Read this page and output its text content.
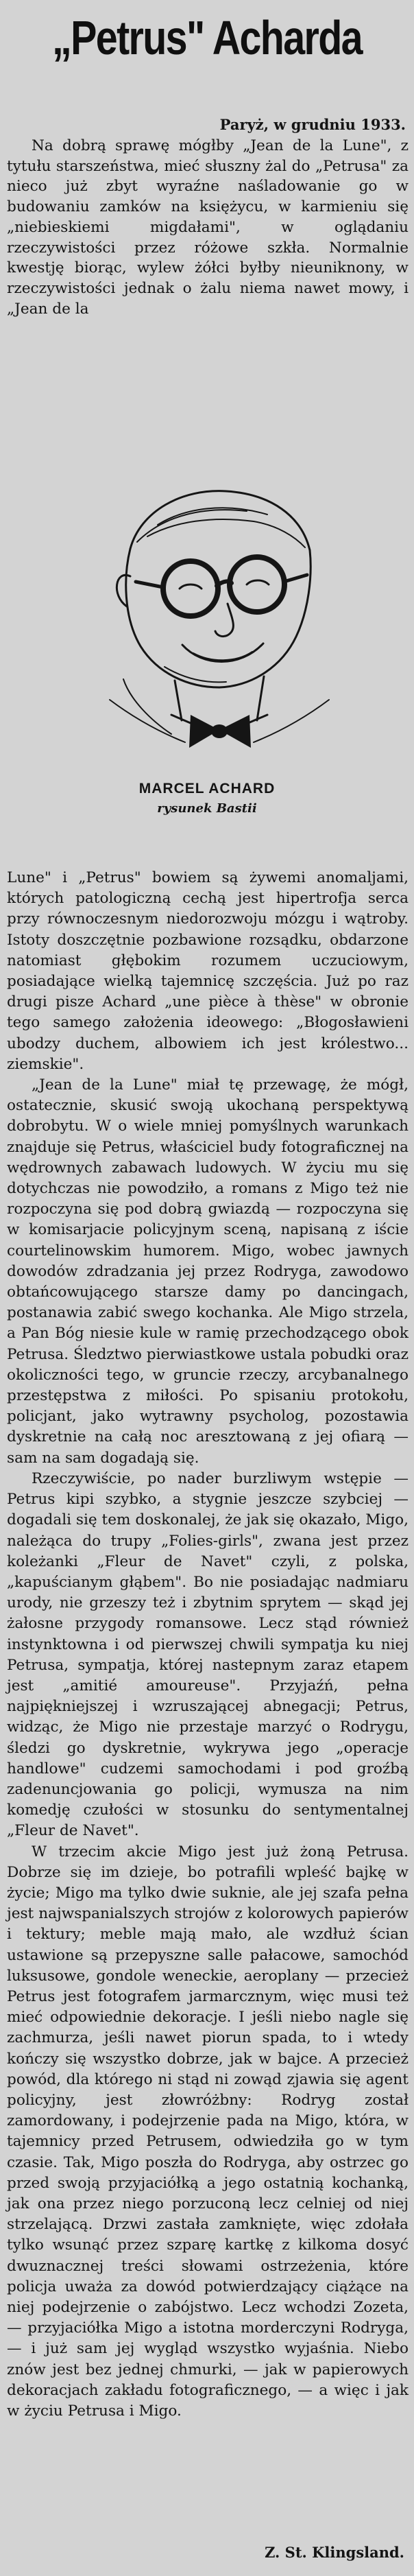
„Petrus" Acharda
Paryż, w grudniu 1933.

Na dobrą sprawę mógłby „Jean de la Lune", z tytułu starszeństwa, mieć słuszny żal do „Petrusa" za nieco już zbyt wyraźne naśladowanie go w budowaniu zamków na księżycu, w karmieniu się „niebieskiemi migdałami", w oglądaniu rzeczywistości przez różowe szkła. Normalnie kwestję biorąc, wylew żółci byłby nieuniknony, w rzeczywistości jednak o żalu niema nawet mowy, i „Jean de la

MARCEL ACHARD
rysunek Bastii

Lune" i „Petrus" bowiem są żywemi anomaljami, których patologiczną cechą jest hipertrofja serca przy równoczesnym niedorozwoju mózgu i wątroby. Istoty doszczętnie pozbawione rozsądku, obdarzone natomiast głębokim rozumem uczuciowym, posiadające wielką tajemnicę szczęścia. Już po raz drugi pisze Achard „une pièce à thèse" w obronie tego samego założenia ideowego: „Błogosławieni ubodzy duchem, albowiem ich jest królestwo... ziemskie".

„Jean de la Lune" miał tę przewagę, że mógł, ostatecznie, skusić swoją ukochaną perspektywą dobrobytu. W o wiele mniej pomyślnych warunkach znajduje się Petrus, właściciel budy fotograficznej na wędrownych zabawach ludowych. W życiu mu się dotychczas nie powodziło, a romans z Migo też nie rozpoczyna się pod dobrą gwiazdą — rozpoczyna się w komisarjacie policyjnym sceną, napisaną z iście courtelinowskim humorem. Migo, wobec jawnych dowodów zdradzania jej przez Rodryga, zawodowo obtańcowującego starsze damy po dancingach, postanawia zabić swego kochanka. Ale Migo strzela, a Pan Bóg niesie kule w ramię przechodzącego obok Petrusa. Śledztwo pierwiastkowe ustala pobudki oraz okoliczności tego, w gruncie rzeczy, arcybanalnego przestępstwa z miłości. Po spisaniu protokołu, policjant, jako wytrawny psycholog, pozostawia dyskretnie na całą noc aresztowaną z jej ofiarą — sam na sam dogadają się.

Rzeczywiście, po nader burzliwym wstępie — Petrus kipi szybko, a stygnie jeszcze szybciej — dogadali się tem doskonalej, że jak się okazało, Migo, należąca do trupy „Folies-girls", zwana jest przez koleżanki „Fleur de Navet" czyli, z polska, „kapuścianym głąbem". Bo nie posiadając nadmiaru urody, nie grzeszy też i zbytnim sprytem — skąd jej żałosne przygody romansowe. Lecz stąd również instynktowna i od pierwszej chwili sympatja ku niej Petrusa, sympatja, której nastepnym zaraz etapem jest „amitié amoureuse". Przyjaźń, pełna najpiękniejszej i wzruszającej abnegacji; Petrus, widząc, że Migo nie przestaje marzyć o Rodrygu, śledzi go dyskretnie, wykrywa jego „operacje handlowe" cudzemi samochodami i pod groźbą zadenuncjowania go policji, wymusza na nim komedję czułości w stosunku do sentymentalnej „Fleur de Navet".

W trzecim akcie Migo jest już żoną Petrusa. Dobrze się im dzieje, bo potrafili wpleść bajkę w życie; Migo ma tylko dwie suknie, ale jej szafa pełna jest najwspanialszych strojów z kolorowych papierów i tektury; meble mają mało, ale wzdłuż ścian ustawione są przepyszne salle pałacowe, samochód luksusowe, gondole weneckie, aeroplany — przecież Petrus jest fotografem jarmarcznym, więc musi też mieć odpowiednie dekoracje. I jeśli niebo nagle się zachmurza, jeśli nawet piorun spada, to i wtedy kończy się wszystko dobrze, jak w bajce. A przecież powód, dla którego ni stąd ni zowąd zjawia się agent policyjny, jest złowróżbny: Rodryg został zamordowany, i podejrzenie pada na Migo, która, w tajemnicy przed Petrusem, odwiedziła go w tym czasie. Tak, Migo poszła do Rodryga, aby ostrzec go przed swoją przyjaciółką a jego ostatnią kochanką, jak ona przez niego porzuconą lecz celniej od niej strzelającą. Drzwi zastała zamknięte, więc zdołała tylko wsunąć przez szparę kartkę z kilkoma dosyć dwuznacznej treści słowami ostrzeżenia, które policja uważa za dowód potwierdzający ciążące na niej podejrzenie o zabójstwo. Lecz wchodzi Zozeta, — przyjaciółka Migo a istotna morderczyni Rodryga, — i już sam jej wygląd wszystko wyjaśnia. Niebo znów jest bez jednej chmurki, — jak w papierowych dekoracjach zakładu fotograficznego, — a więc i jak w życiu Petrusa i Migo.

Z. St. Klingsland.
